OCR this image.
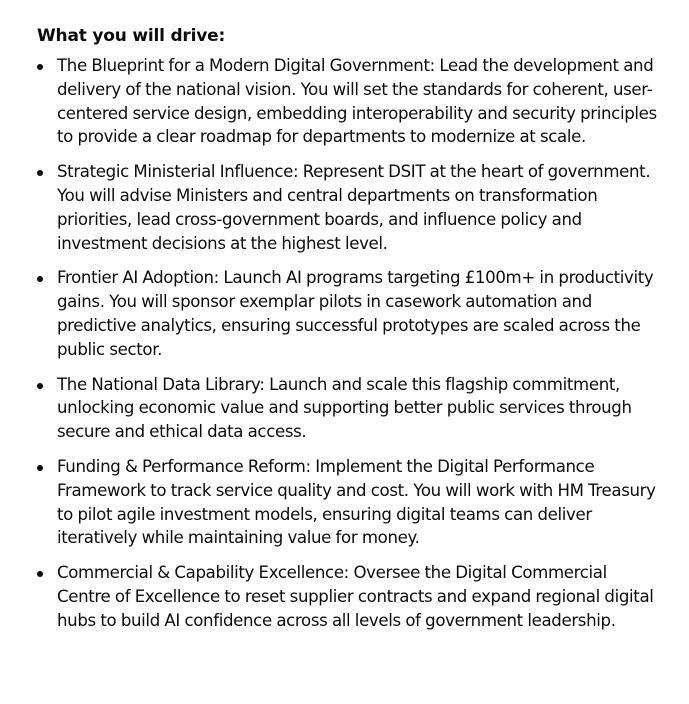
What you will drive:
The Blueprint for a Modern Digital Government: Lead the development and delivery of the national vision. You will set the standards for coherent, user-centered service design, embedding interoperability and security principles to provide a clear roadmap for departments to modernize at scale.
Strategic Ministerial Influence: Represent DSIT at the heart of government. You will advise Ministers and central departments on transformation priorities, lead cross-government boards, and influence policy and investment decisions at the highest level.
Frontier AI Adoption: Launch AI programs targeting £100m+ in productivity gains. You will sponsor exemplar pilots in casework automation and predictive analytics, ensuring successful prototypes are scaled across the public sector.
The National Data Library: Launch and scale this flagship commitment, unlocking economic value and supporting better public services through secure and ethical data access.
Funding & Performance Reform: Implement the Digital Performance Framework to track service quality and cost. You will work with HM Treasury to pilot agile investment models, ensuring digital teams can deliver iteratively while maintaining value for money.
Commercial & Capability Excellence: Oversee the Digital Commercial Centre of Excellence to reset supplier contracts and expand regional digital hubs to build AI confidence across all levels of government leadership.
